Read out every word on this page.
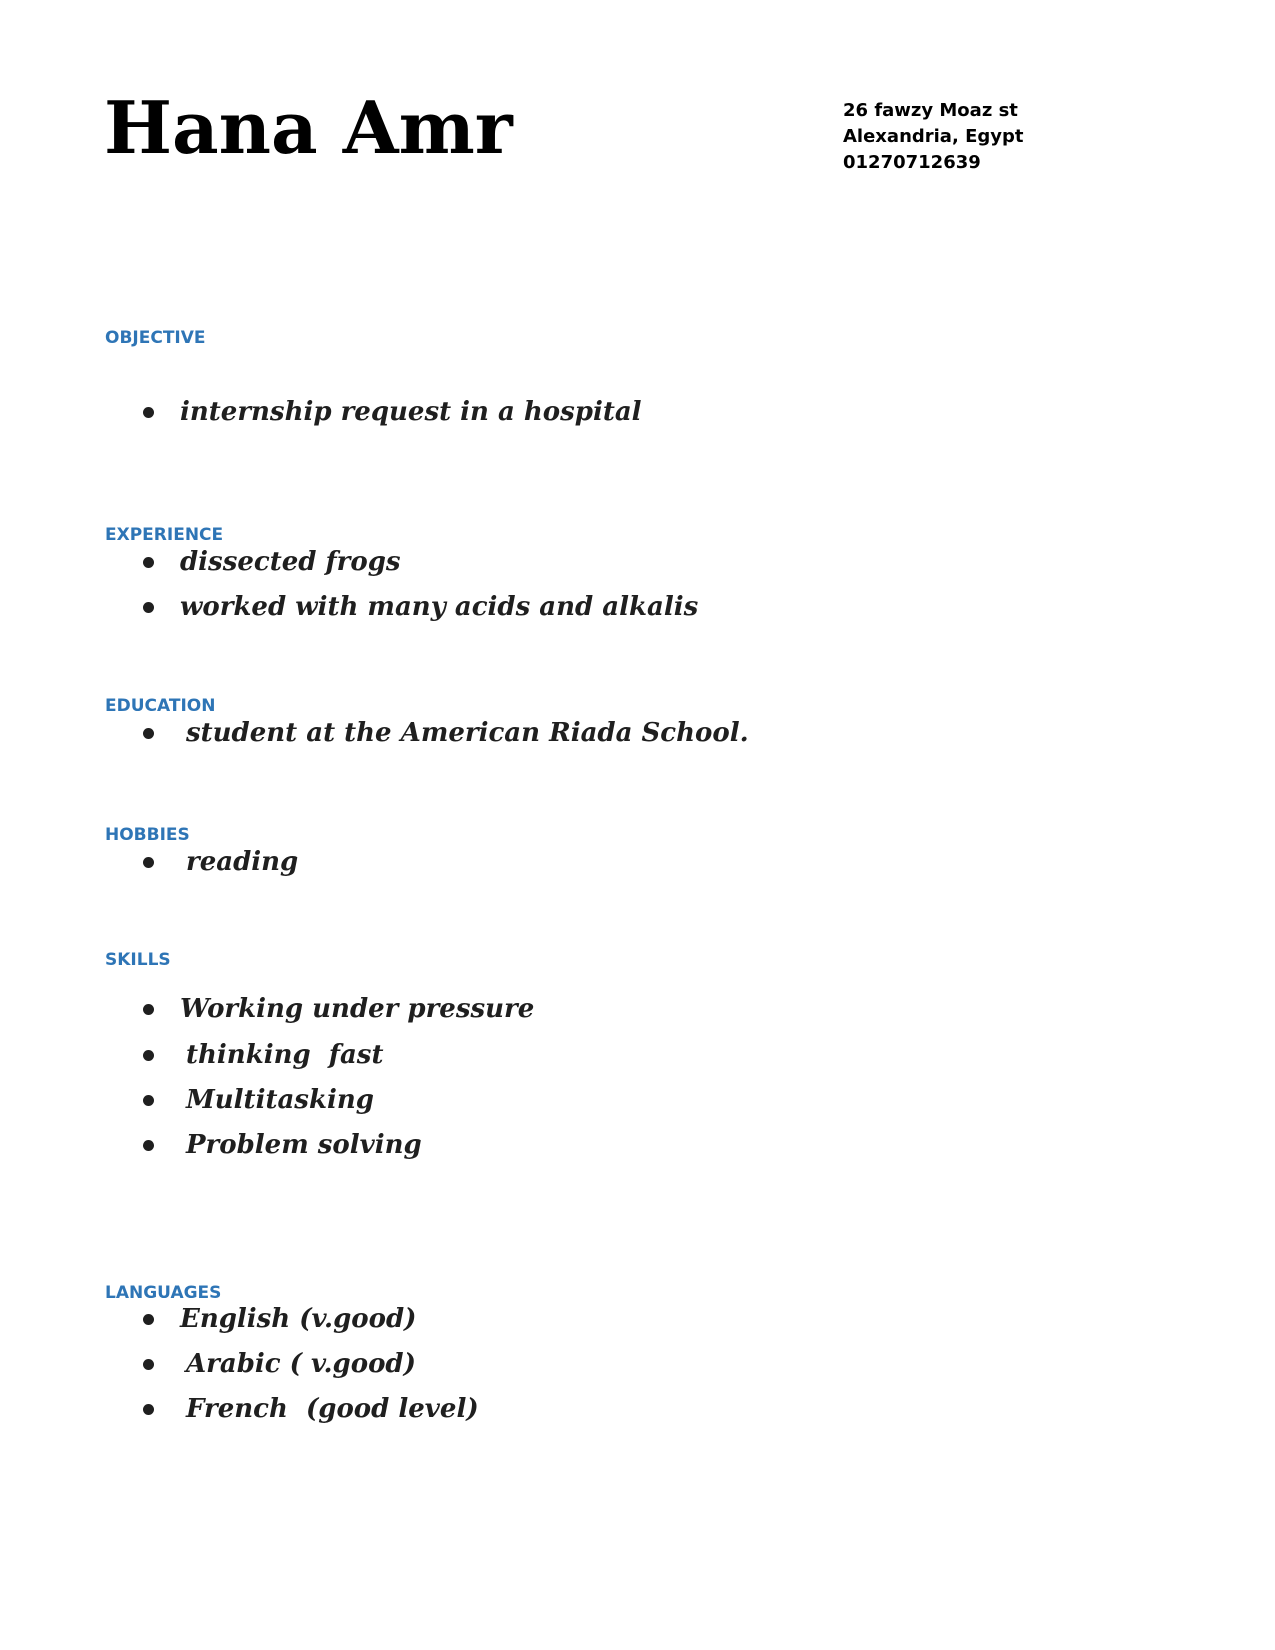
Hana Amr	26 fawzy Moaz st
Alexandria, Egypt
01270712639
OBJECTIVE
internship request in a hospital
EXPERIENCE
dissected frogs
worked with many acids and alkalis
EDUCATION
student at the American Riada School.
HOBBIES
reading
SKILLS
Working under pressure
thinking  fast
Multitasking
Problem solving
LANGUAGES
English (v.good)
Arabic ( v.good)
French  (good level)
